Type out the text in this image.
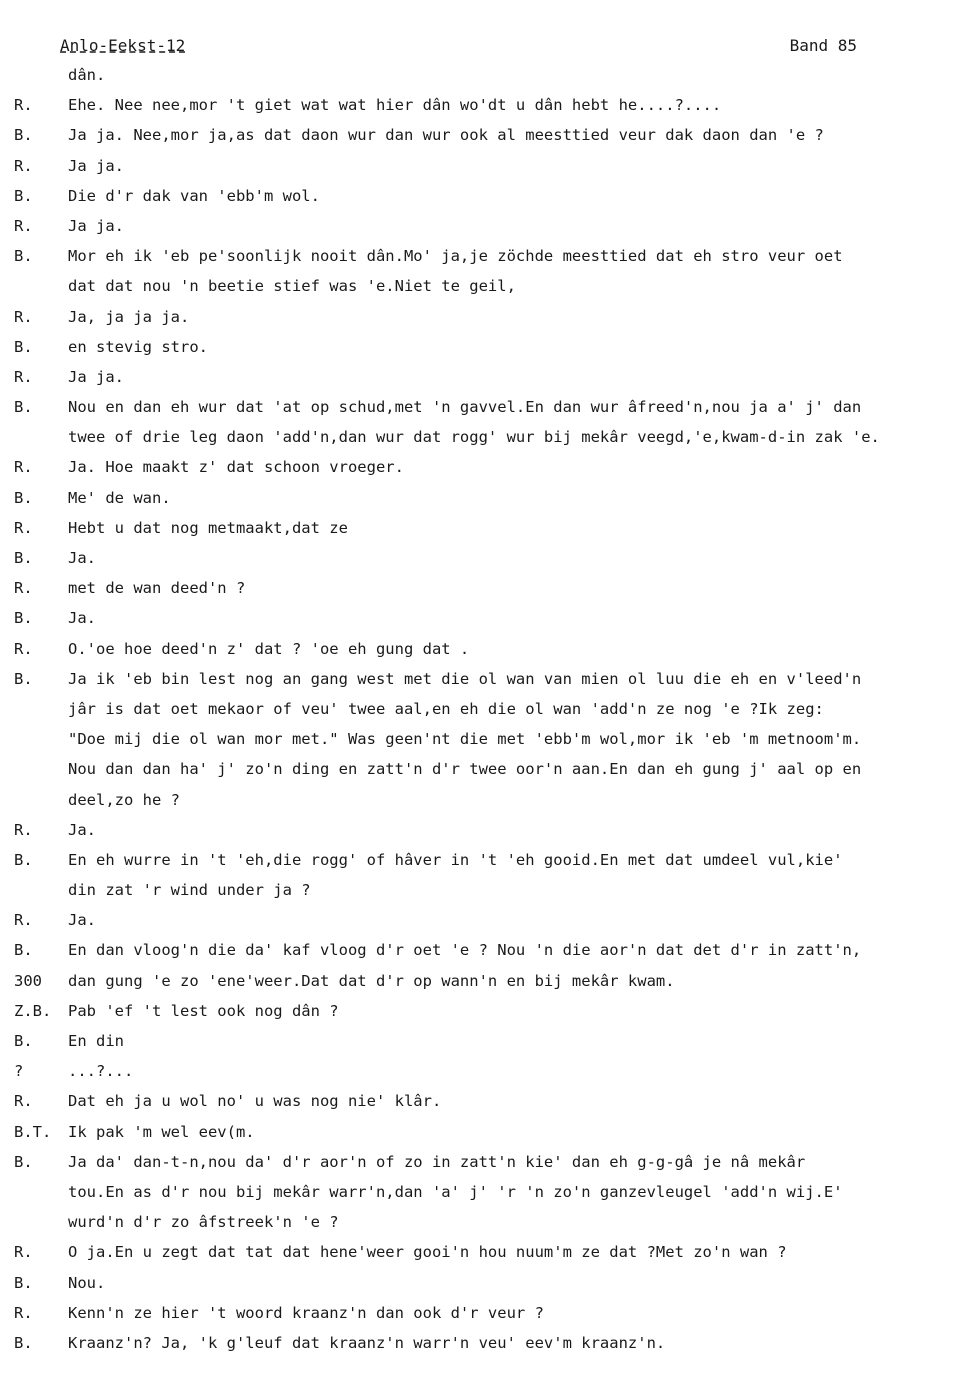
Anlo-Eekst-12	Band 85
dân.
R.	Ehe. Nee nee,mor 't giet wat wat hier dân wo'dt u dân hebt he....?....
B.	Ja ja. Nee,mor ja,as dat daon wur dan wur ook al meesttied veur dak daon dan 'e ?
R.	Ja ja.
B.	Die d'r dak van 'ebb'm wol.
R.	Ja ja.
B.	Mor eh ik 'eb pe'soonlijk nooit dân.Mo' ja,je zöchde meesttied dat eh stro veur oet
dat dat nou 'n beetie stief was 'e.Niet te geil,
R.	Ja, ja ja ja.
B.	en stevig stro.
R.	Ja ja.
B.	Nou en dan eh wur dat 'at op schud,met 'n gavvel.En dan wur âfreed'n,nou ja a' j' dan
twee of drie leg daon 'add'n,dan wur dat rogg' wur bij mekâr veegd,'e,kwam-d-in zak 'e.
R.	Ja. Hoe maakt z' dat schoon vroeger.
B.	Me' de wan.
R.	Hebt u dat nog metmaakt,dat ze
B.	Ja.
R.	met de wan deed'n ?
B.	Ja.
R.	O.'oe hoe deed'n z' dat ? 'oe eh gung dat .
B.	Ja ik 'eb bin lest nog an gang west met die ol wan van mien ol luu die eh en v'leed'n
jâr is dat oet mekaor of veu' twee aal,en eh die ol wan 'add'n ze nog 'e ?Ik zeg:
"Doe mij die ol wan mor met." Was geen'nt die met 'ebb'm wol,mor ik 'eb 'm metnoom'm.
Nou dan dan ha' j' zo'n ding en zatt'n d'r twee oor'n aan.En dan eh gung j' aal op en
deel,zo he ?
R.	Ja.
B.	En eh wurre in 't 'eh,die rogg' of hâver in 't 'eh gooid.En met dat umdeel vul,kie'
din zat 'r wind under ja ?
R.	Ja.
B.	En dan vloog'n die da' kaf vloog d'r oet 'e ? Nou 'n die aor'n dat det d'r in zatt'n,
300	dan gung 'e zo 'ene'weer.Dat dat d'r op wann'n en bij mekâr kwam.
Z.B.	Pab 'ef 't lest ook nog dân ?
B.	En din
?	...?...
R.	Dat eh ja u wol no' u was nog nie' klâr.
B.T.	Ik pak 'm wel eev(m.
B.	Ja da' dan-t-n,nou da' d'r aor'n of zo in zatt'n kie' dan eh g-g-gâ je nâ mekâr
tou.En as d'r nou bij mekâr warr'n,dan 'a' j' 'r 'n zo'n ganzevleugel 'add'n wij.E'
wurd'n d'r zo âfstreek'n 'e ?
R.	O ja.En u zegt dat tat dat hene'weer gooi'n hou nuum'm ze dat ?Met zo'n wan ?
B.	Nou.
R.	Kenn'n ze hier 't woord kraanz'n dan ook d'r veur ?
B.	Kraanz'n? Ja, 'k g'leuf dat kraanz'n warr'n veu' eev'm kraanz'n.
